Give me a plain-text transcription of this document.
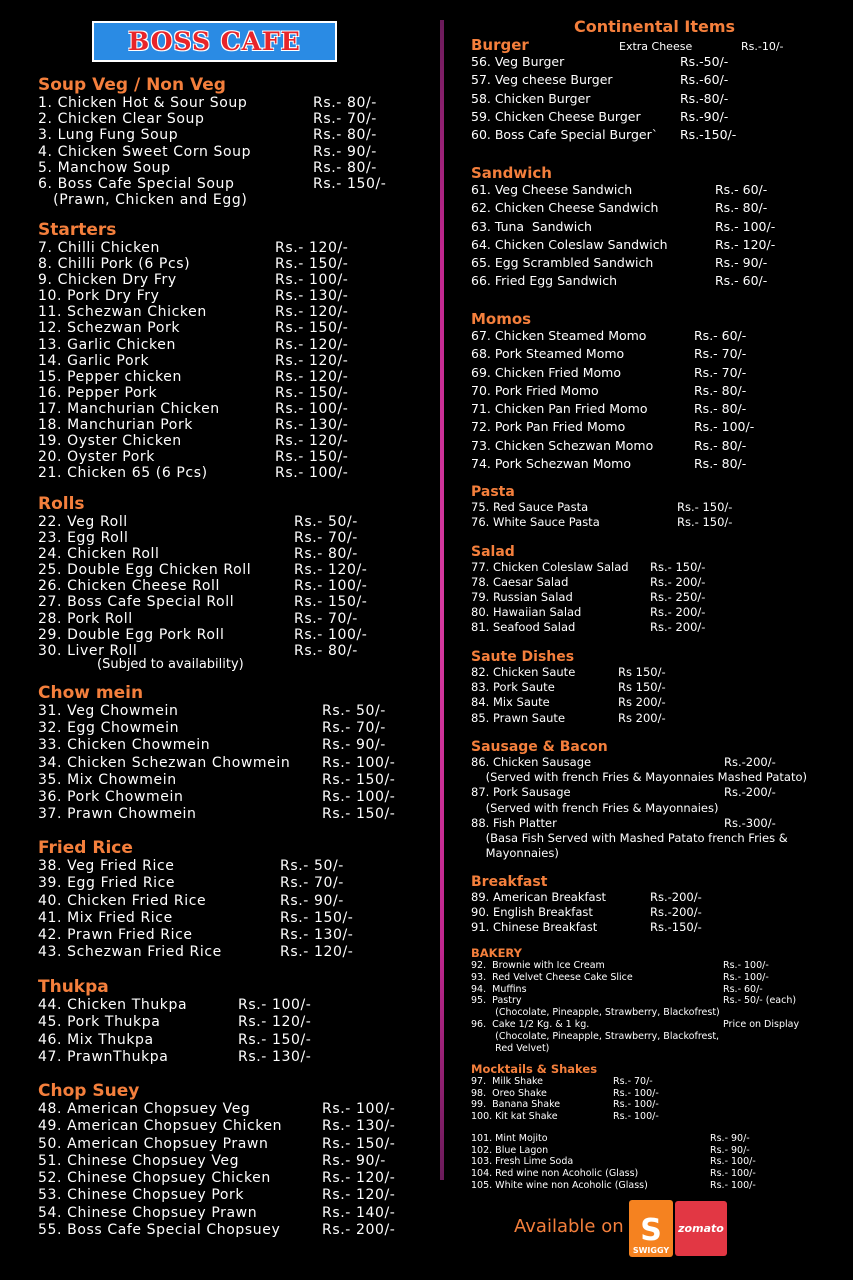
BOSS CAFE
Continental Items
Soup Veg / Non Veg
1. Chicken Hot & Sour Soup	Rs.- 80/-
2. Chicken Clear Soup	Rs.- 70/-
3. Lung Fung Soup	Rs.- 80/-
4. Chicken Sweet Corn Soup	Rs.- 90/-
5. Manchow Soup	Rs.- 80/-
6. Boss Cafe Special Soup	Rs.- 150/-
(Prawn, Chicken and Egg)
Starters
7. Chilli Chicken	Rs.- 120/-
8. Chilli Pork (6 Pcs)	Rs.- 150/-
9. Chicken Dry Fry	Rs.- 100/-
10. Pork Dry Fry	Rs.- 130/-
11. Schezwan Chicken	Rs.- 120/-
12. Schezwan Pork	Rs.- 150/-
13. Garlic Chicken	Rs.- 120/-
14. Garlic Pork	Rs.- 120/-
15. Pepper chicken	Rs.- 120/-
16. Pepper Pork	Rs.- 150/-
17. Manchurian Chicken	Rs.- 100/-
18. Manchurian Pork	Rs.- 130/-
19. Oyster Chicken	Rs.- 120/-
20. Oyster Pork	Rs.- 150/-
21. Chicken 65 (6 Pcs)	Rs.- 100/-
Rolls
22. Veg Roll	Rs.- 50/-
23. Egg Roll	Rs.- 70/-
24. Chicken Roll	Rs.- 80/-
25. Double Egg Chicken Roll	Rs.- 120/-
26. Chicken Cheese Roll	Rs.- 100/-
27. Boss Cafe Special Roll	Rs.- 150/-
28. Pork Roll	Rs.- 70/-
29. Double Egg Pork Roll	Rs.- 100/-
30. Liver Roll	Rs.- 80/-
Chow mein
31. Veg Chowmein	Rs.- 50/-
32. Egg Chowmein	Rs.- 70/-
33. Chicken Chowmein	Rs.- 90/-
34. Chicken Schezwan Chowmein Rs.- 100/-
35. Mix Chowmein	Rs.- 150/-
36. Pork Chowmein	Rs.- 100/-
37. Prawn Chowmein	Rs.- 150/-
Fried Rice
38. Veg Fried Rice	Rs.- 50/-
39. Egg Fried Rice	Rs.- 70/-
40. Chicken Fried Rice	Rs.- 90/-
41. Mix Fried Rice	Rs.- 150/-
42. Prawn Fried Rice	Rs.- 130/-
43. Schezwan Fried Rice	Rs.- 120/-
Thukpa
44. Chicken Thukpa	Rs.- 100/-
45. Pork Thukpa	Rs.- 120/-
46. Mix Thukpa	Rs.- 150/-
47. PrawnThukpa	Rs.- 130/-
Chop Suey
48. American Chopsuey Veg	Rs.- 100/-
49. American Chopsuey Chicken	Rs.- 130/-
50. American Chopsuey Prawn	Rs.- 150/-
51. Chinese Chopsuey Veg	Rs.- 90/-
52. Chinese Chopsuey Chicken	Rs.- 120/-
53. Chinese Chopsuey Pork	Rs.- 120/-
54. Chinese Chopsuey Prawn	Rs.- 140/-
55. Boss Cafe Special Chopsuey	Rs.- 200/-
Burger	Extra Cheese	Rs.-10/-
56. Veg Burger	Rs.-50/-
57. Veg cheese Burger	Rs.-60/-
58. Chicken Burger	Rs.-80/-
59. Chicken Cheese Burger	Rs.-90/-
60. Boss Cafe Special Burger` Rs.-150/-
Sandwich
61. Veg Cheese Sandwich	Rs.- 60/-
62. Chicken Cheese Sandwich	Rs.- 80/-
63. Tuna  Sandwich	Rs.- 100/-
64. Chicken Coleslaw Sandwich	Rs.- 120/-
65. Egg Scrambled Sandwich	Rs.- 90/-
66. Fried Egg Sandwich	Rs.- 60/-
Momos
67. Chicken Steamed Momo	Rs.- 60/-
68. Pork Steamed Momo	Rs.- 70/-
69. Chicken Fried Momo	Rs.- 70/-
70. Pork Fried Momo	Rs.- 80/-
71. Chicken Pan Fried Momo	Rs.- 80/-
72. Pork Pan Fried Momo	Rs.- 100/-
73. Chicken Schezwan Momo	Rs.- 80/-
74. Pork Schezwan Momo	Rs.- 80/-
Pasta
75. Red Sauce Pasta	Rs.- 150/-
76. White Sauce Pasta	Rs.- 150/-
Salad
77. Chicken Coleslaw Salad Rs.- 150/-
78. Caesar Salad	Rs.- 200/-
79. Russian Salad	Rs.- 250/-
80. Hawaiian Salad	Rs.- 200/-
81. Seafood Salad	Rs.- 200/-
Saute Dishes
82. Chicken Saute	Rs 150/-
83. Pork Saute	Rs 150/-
84. Mix Saute	Rs 200/-
85. Prawn Saute	Rs 200/-
Sausage & Bacon
86. Chicken Sausage	Rs.-200/-
(Served with french Fries & Mayonnaies Mashed Patato)
87. Pork Sausage	Rs.-200/-
(Served with french Fries & Mayonnaies)
88. Fish Platter	Rs.-300/-
(Basa Fish Served with Mashed Patato french Fries &
Mayonnaies)
Breakfast
89. American Breakfast	Rs.-200/-
90. English Breakfast	Rs.-200/-
91. Chinese Breakfast	Rs.-150/-
BAKERY
92.  Brownie with Ice Cream	Rs.- 100/-
93.  Red Velvet Cheese Cake Slice	Rs.- 100/-
94.  Muffins	Rs.- 60/-
95.  Pastry	Rs.- 50/- (each)
(Chocolate, Pineapple, Strawberry, Blackofrest)
96.  Cake 1/2 Kg. & 1 kg.	Price on Display
(Chocolate, Pineapple, Strawberry, Blackofrest,
Red Velvet)
Mocktails & Shakes
97.  Milk Shake	Rs.- 70/-
98.  Oreo Shake	Rs.- 100/-
99.  Banana Shake	Rs.- 100/-
100. Kit kat Shake	Rs.- 100/-
101. Mint Mojito	Rs.- 90/-
102. Blue Lagon	Rs.- 90/-
103. Fresh Lime Soda	Rs.- 100/-
104. Red wine non Acoholic (Glass)	Rs.- 100/-
105. White wine non Acoholic (Glass)	Rs.- 100/-
(Subjed to availability)
Available on S
SWIGGY
zomato
